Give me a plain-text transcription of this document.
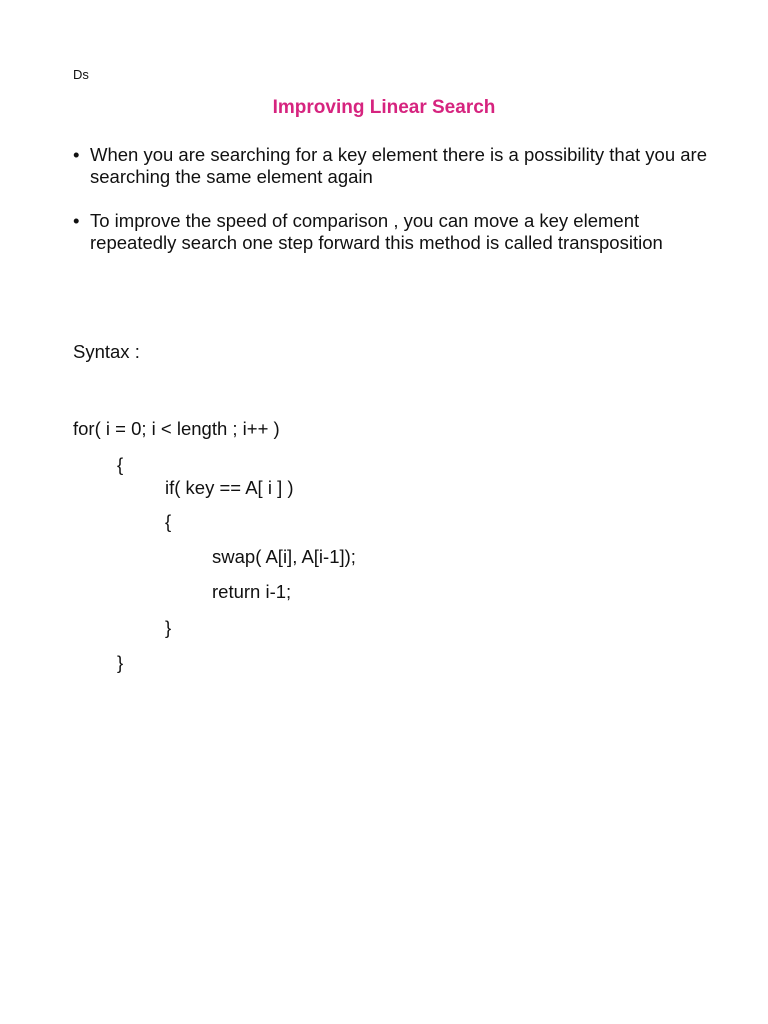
Ds
Improving Linear Search
• When you are searching for a key element there is a possibility that you are searching the same element again
• To improve the speed of comparison , you can move a key element repeatedly search one step forward this method is called transposition
Syntax :
for( i = 0; i < length ; i++ )
{
if( key == A[ i ] )
{
swap( A[i], A[i-1]);
return i-1;
}
}
